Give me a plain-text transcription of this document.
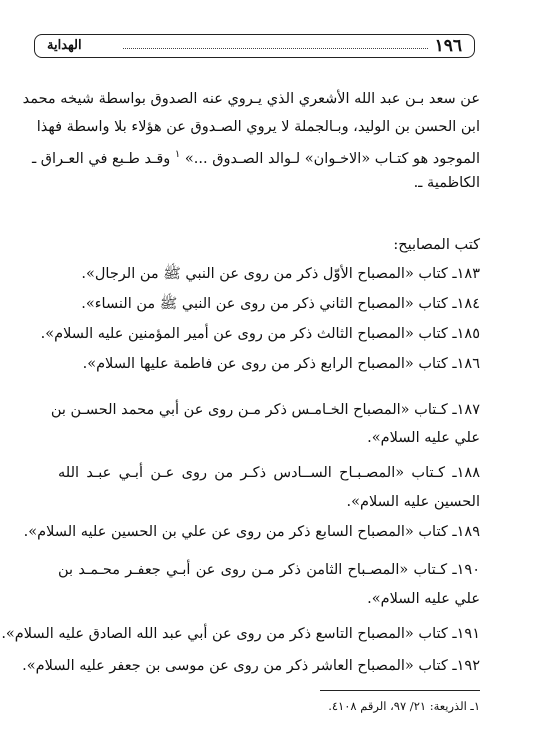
١٩٦
الهداية
عن سعد بـن عبد الله الأشعري الذي يـروي عنه الصدوق بواسطة شيخه محمد
ابن الحسن بن الوليد، وبـالجملة لا يروي الصـدوق عن هؤلاء بلا واسطة فهذا
الموجود هو كتـاب «الاخـوان» لـوالد الصـدوق ...» $^١$ وقـد طـبع في العـراق ـ
الكاظمية ـ.
كتب المصابيح:
١٨٣ـ كتاب «المصباح الأوّل ذكر من روى عن النبي ﷺ من الرجال».
١٨٤ـ كتاب «المصباح الثاني ذكر من روى عن النبي ﷺ من النساء».
١٨٥ـ كتاب «المصباح الثالث ذكر من روى عن أمير المؤمنين عليه السلام».
١٨٦ـ كتاب «المصباح الرابع ذكر من روى عن فاطمة عليها السلام».
١٨٧ـ كـتاب «المصباح الخـامـس ذكر مـن روى عن أبي محمد الحسـن بن
علي عليه السلام».
١٨٨ـ كـتاب «المصـبـاح الســادس ذكـر من روى عـن أبـي عبـد الله
الحسين عليه السلام».
١٨٩ـ كتاب «المصباح السابع ذكر من روى عن علي بن الحسين عليه السلام».
١٩٠ـ كـتاب «المصـباح الثامن ذكر مـن روى عن أبـي جعفـر محـمـد بن
علي عليه السلام».
١٩١ـ كتاب «المصباح التاسع ذكر من روى عن أبي عبد الله الصادق عليه السلام».
١٩٢ـ كتاب «المصباح العاشر ذكر من روى عن موسى بن جعفر عليه السلام».
١ـ الذريعة: ٢١/ ٩٧، الرقم ٤١٠٨.
